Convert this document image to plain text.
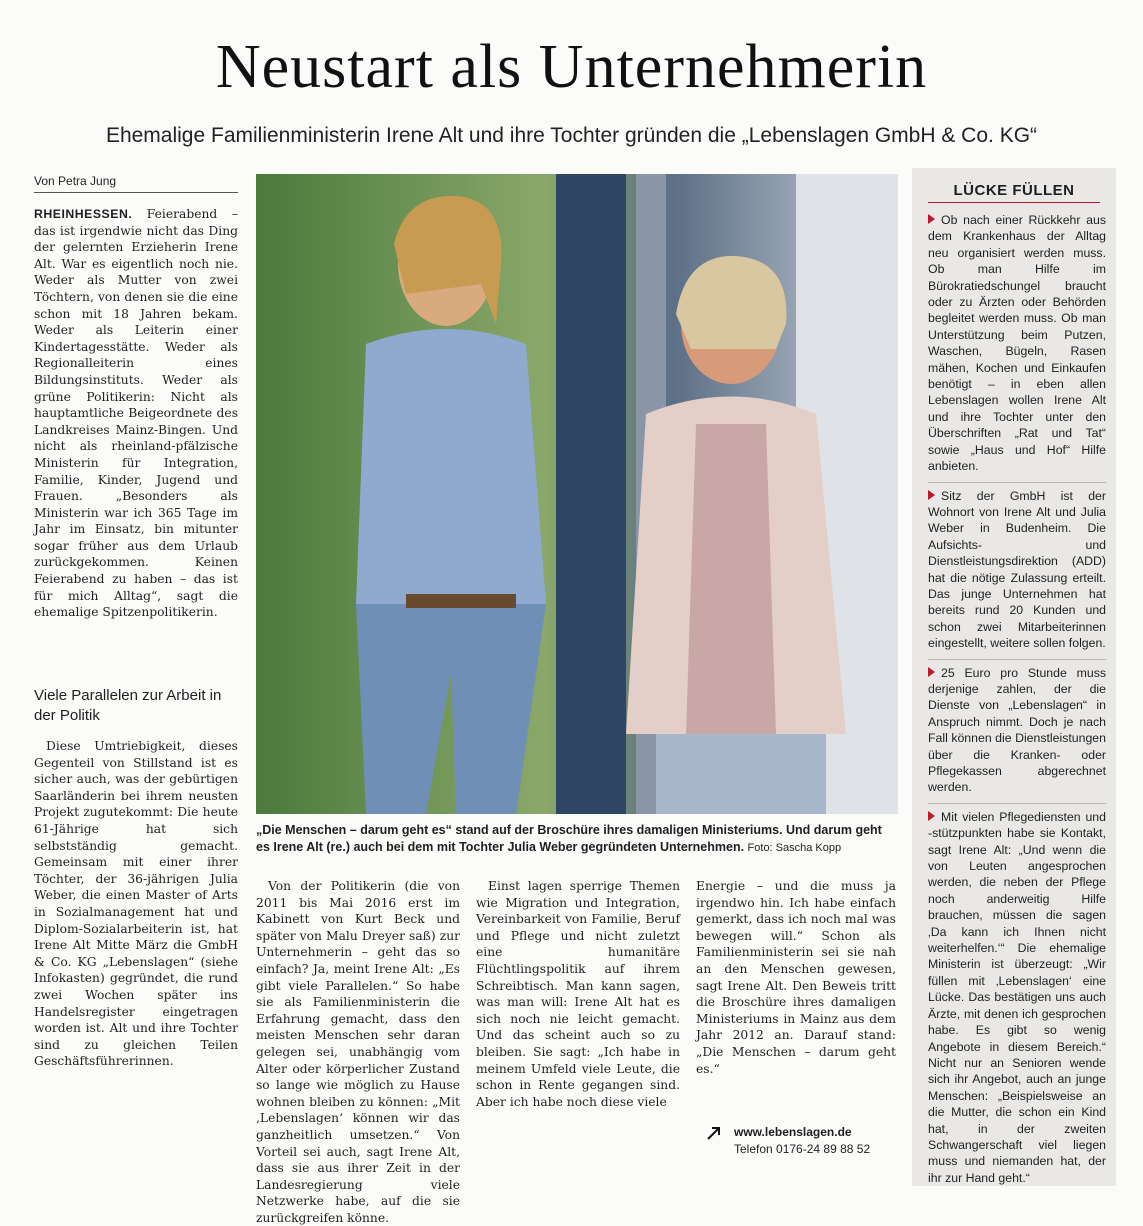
Neustart als Unternehmerin
Ehemalige Familienministerin Irene Alt und ihre Tochter gründen die „Lebenslagen GmbH & Co. KG“
Von Petra Jung

RHEINHESSEN. Feierabend – das ist irgendwie nicht das Ding der gelernten Erzieherin Irene Alt. War es eigentlich noch nie. Weder als Mutter von zwei Töchtern, von denen sie die eine schon mit 18 Jahren bekam. Weder als Leiterin einer Kindertagesstätte. Weder als Regionalleiterin eines Bildungsinstituts. Weder als grüne Politikerin: Nicht als hauptamtliche Beigeordnete des Landkreises Mainz-Bingen. Und nicht als rheinland-pfälzische Ministerin für Integration, Familie, Kinder, Jugend und Frauen. „Besonders als Ministerin war ich 365 Tage im Jahr im Einsatz, bin mitunter sogar früher aus dem Urlaub zurückgekommen. Keinen Feierabend zu haben – das ist für mich Alltag“, sagt die ehemalige Spitzenpolitikerin.

Viele Parallelen zur Arbeit in der Politik

Diese Umtriebigkeit, dieses Gegenteil von Stillstand ist es sicher auch, was der gebürtigen Saarländerin bei ihrem neusten Projekt zugutekommt: Die heute 61-Jährige hat sich selbstständig gemacht. Gemeinsam mit einer ihrer Töchter, der 36-jährigen Julia Weber, die einen Master of Arts in Sozialmanagement hat und Diplom-Sozialarbeiterin ist, hat Irene Alt Mitte März die GmbH & Co. KG „Lebenslagen“ (siehe Infokasten) gegründet, die rund zwei Wochen später ins Handelsregister eingetragen worden ist. Alt und ihre Tochter sind zu gleichen Teilen Geschäftsführerinnen.

„Die Menschen – darum geht es“ stand auf der Broschüre ihres damaligen Ministeriums. Und darum geht es Irene Alt (re.) auch bei dem mit Tochter Julia Weber gegründeten Unternehmen. Foto: Sascha Kopp

Von der Politikerin (die von 2011 bis Mai 2016 erst im Kabinett von Kurt Beck und später von Malu Dreyer saß) zur Unternehmerin – geht das so einfach? Ja, meint Irene Alt: „Es gibt viele Parallelen.“ So habe sie als Familienministerin die Erfahrung gemacht, dass den meisten Menschen sehr daran gelegen sei, unabhängig vom Alter oder körperlicher Zustand so lange wie möglich zu Hause wohnen bleiben zu können: „Mit ‚Lebenslagen‘ können wir das ganzheitlich umsetzen.“ Von Vorteil sei auch, sagt Irene Alt, dass sie aus ihrer Zeit in der Landesregierung viele Netzwerke habe, auf die sie zurückgreifen könne.

Einst lagen sperrige Themen wie Migration und Integration, Vereinbarkeit von Familie, Beruf und Pflege und nicht zuletzt eine humanitäre Flüchtlingspolitik auf ihrem Schreibtisch. Man kann sagen, was man will: Irene Alt hat es sich noch nie leicht gemacht. Und das scheint auch so zu bleiben. Sie sagt: „Ich habe in meinem Umfeld viele Leute, die schon in Rente gegangen sind. Aber ich habe noch diese viele

www.lebenslagen.de
Telefon 0176-24 89 88 52
LÜCKE FÜLLEN

Ob nach einer Rückkehr aus dem Krankenhaus der Alltag neu organisiert werden muss. Ob man Hilfe im Bürokratiedschungel braucht oder zu Ärzten oder Behörden begleitet werden muss. Ob man Unterstützung beim Putzen, Waschen, Bügeln, Rasen mähen, Kochen und Einkaufen benötigt – in eben allen Lebenslagen wollen Irene Alt und ihre Tochter unter den Überschriften „Rat und Tat“ sowie „Haus und Hof“ Hilfe anbieten.

Sitz der GmbH ist der Wohnort von Irene Alt und Julia Weber in Budenheim. Die Aufsichts- und Dienstleistungsdirektion (ADD) hat die nötige Zulassung erteilt. Das junge Unternehmen hat bereits rund 20 Kunden und schon zwei Mitarbeiterinnen eingestellt, weitere sollen folgen.

25 Euro pro Stunde muss derjenige zahlen, der die Dienste von „Lebenslagen“ in Anspruch nimmt. Doch je nach Fall können die Dienstleistungen über die Kranken- oder Pflegekassen abgerechnet werden.

Mit vielen Pflegediensten und -stützpunkten habe sie Kontakt, sagt Irene Alt: „Und wenn die von Leuten angesprochen werden, die neben der Pflege noch anderweitig Hilfe brauchen, müssen die sagen ‚Da kann ich Ihnen nicht weiterhelfen.‘“ Die ehemalige Ministerin ist überzeugt: „Wir füllen mit ‚Lebenslagen‘ eine Lücke. Das bestätigen uns auch Ärzte, mit denen ich gesprochen habe. Es gibt so wenig Angebote in diesem Bereich.“ Nicht nur an Senioren wende sich ihr Angebot, auch an junge Menschen: „Beispielsweise an die Mutter, die schon ein Kind hat, in der zweiten Schwangerschaft viel liegen muss und niemanden hat, der ihr zur Hand geht.“

Energie – und die muss ja irgendwo hin. Ich habe einfach gemerkt, dass ich noch mal was bewegen will.“ Schon als Familienministerin sei sie nah an den Menschen gewesen, sagt Irene Alt. Den Beweis tritt die Broschüre ihres damaligen Ministeriums in Mainz aus dem Jahr 2012 an. Darauf stand: „Die Menschen – darum geht es.“
